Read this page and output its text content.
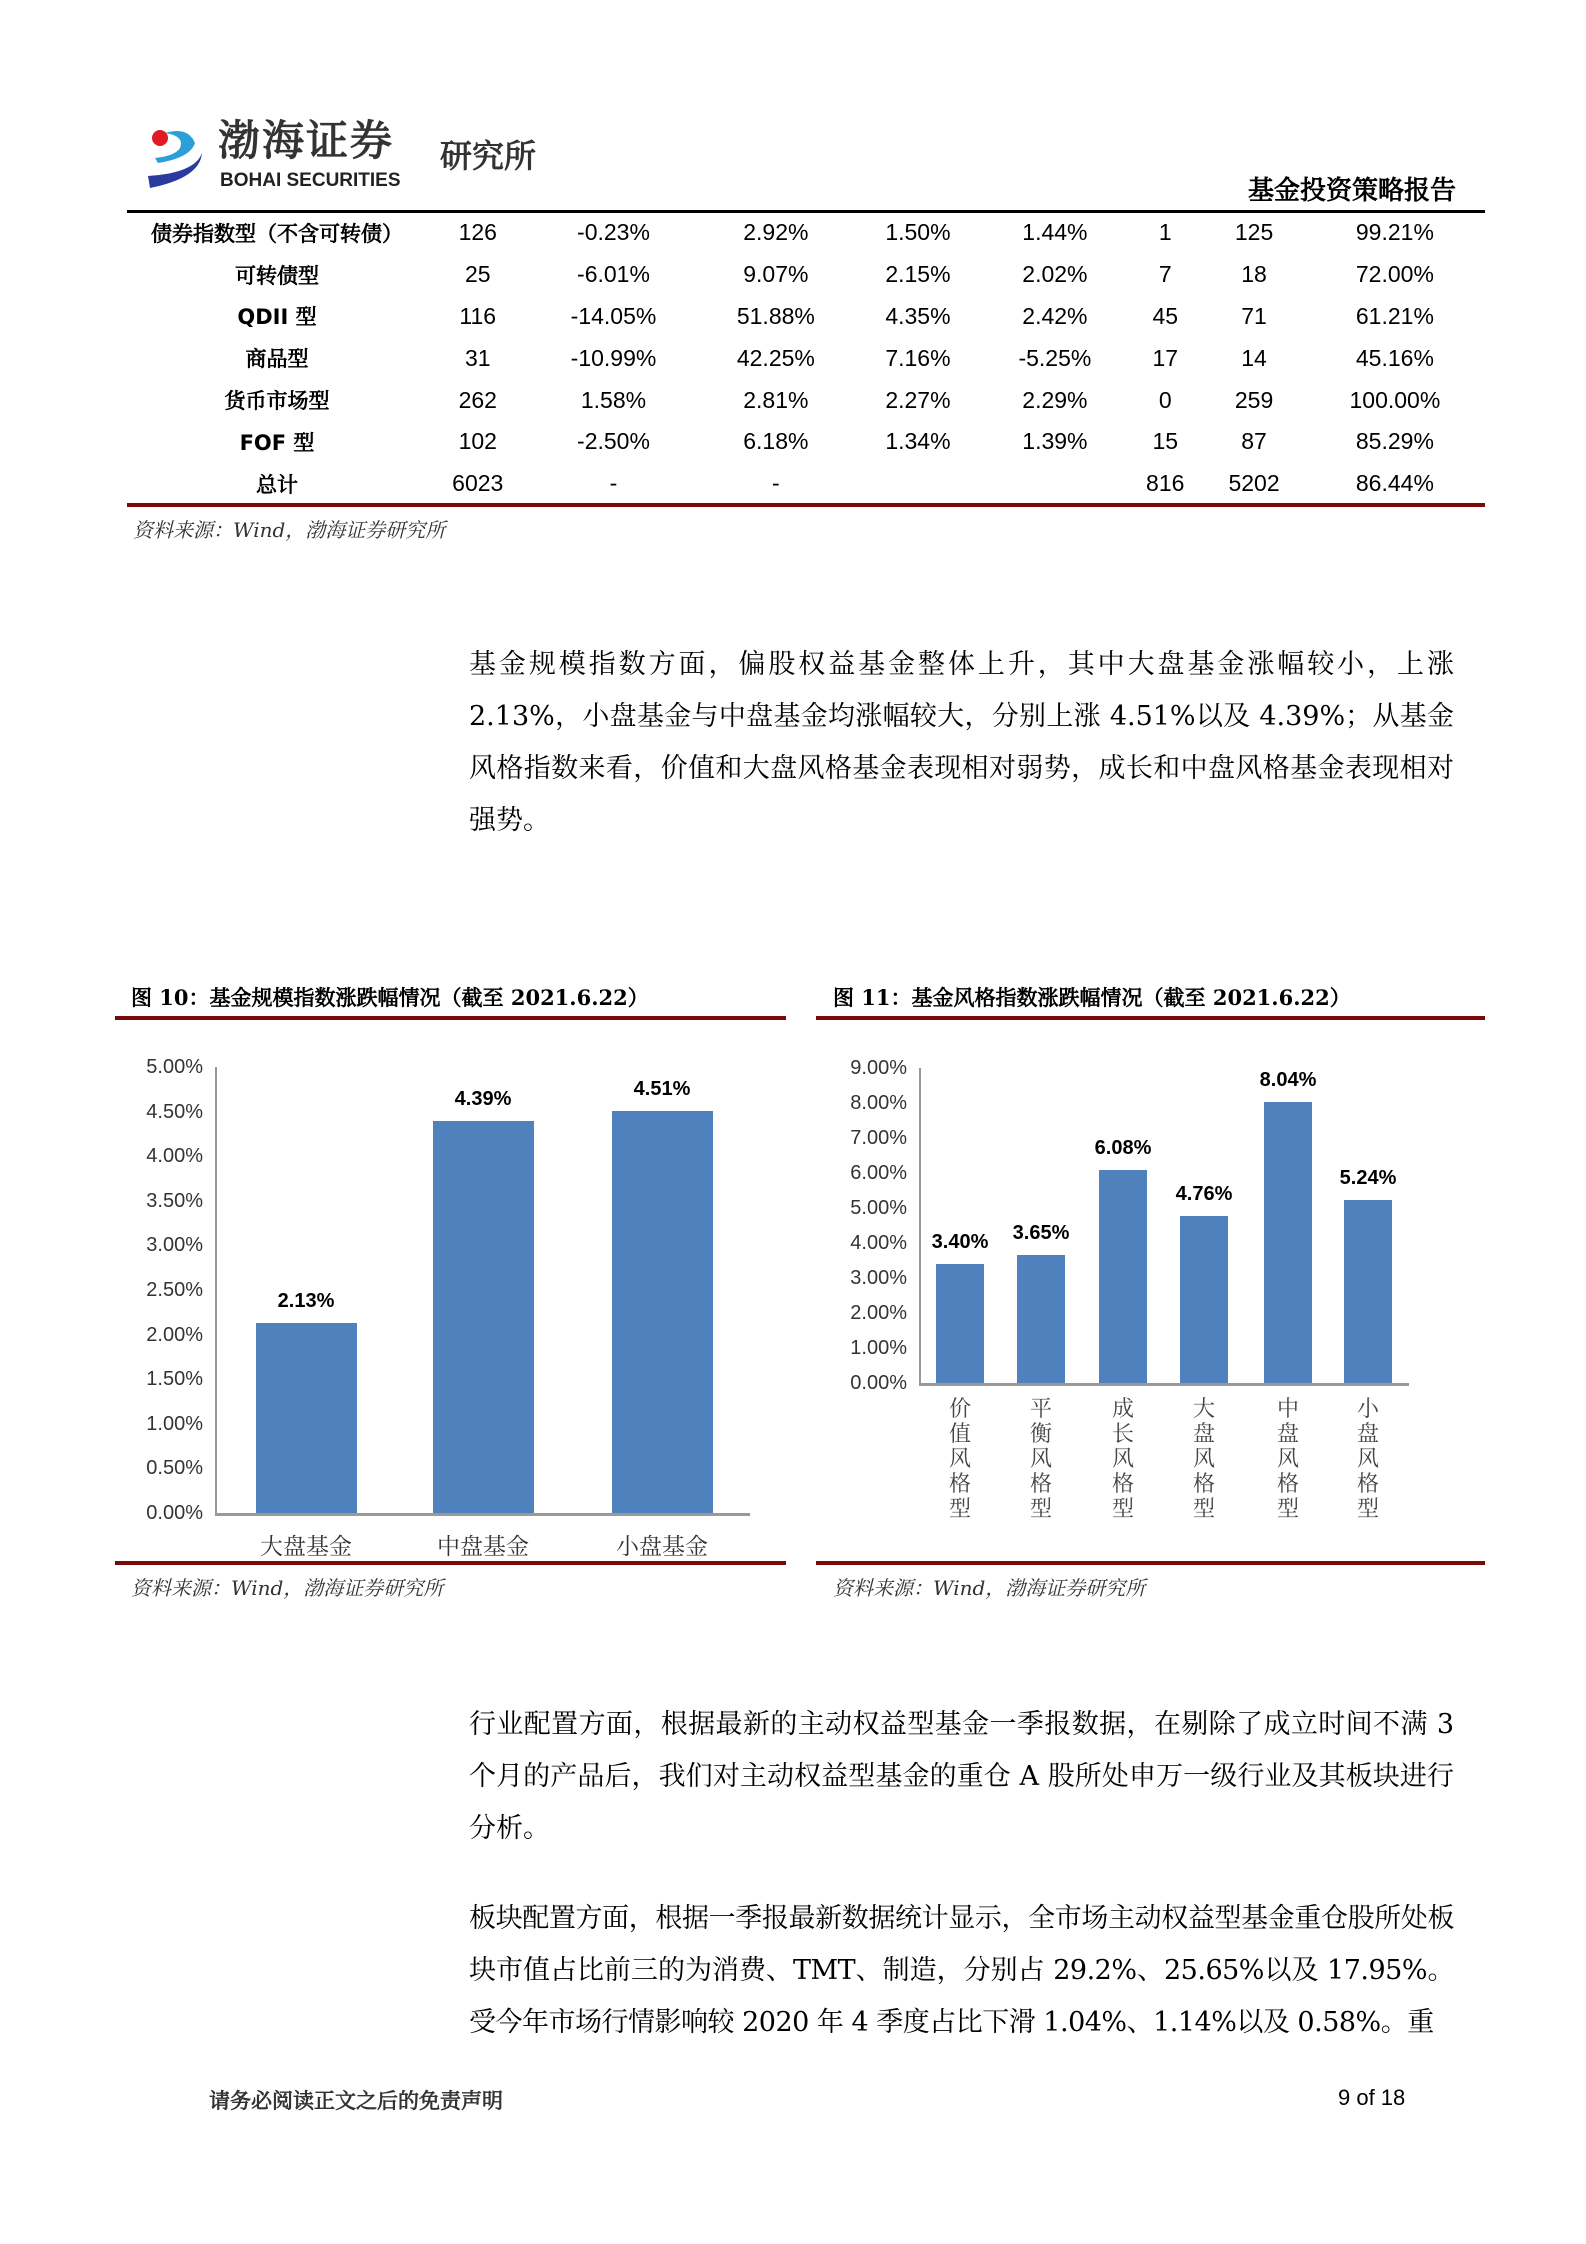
渤海证券
BOHAI SECURITIES
研究所
基金投资策略报告
债券指数型（不含可转债）	126	-0.23%	2.92%	1.50%	1.44%	1	125	99.21%
可转债型	25	-6.01%	9.07%	2.15%	2.02%	7	18	72.00%
QDII 型	116	-14.05%	51.88%	4.35%	2.42%	45	71	61.21%
商品型	31	-10.99%	42.25%	7.16%	-5.25%	17	14	45.16%
货币市场型	262	1.58%	2.81%	2.27%	2.29%	0	259	100.00%
FOF 型	102	-2.50%	6.18%	1.34%	1.39%	15	87	85.29%
总计	6023	-	-			816	5202	86.44%
资料来源：Wind，渤海证券研究所
基金规模指数方面，偏股权益基金整体上升，其中大盘基金涨幅较小，上涨 2.13%，小盘基金与中盘基金均涨幅较大，分别上涨 4.51%以及 4.39%；从基金风格指数来看，价值和大盘风格基金表现相对弱势，成长和中盘风格基金表现相对强势。
图 10：基金规模指数涨跌幅情况（截至 2021.6.22）
0.00%
0.50%
1.00%
1.50%
2.00%
2.50%
3.00%
3.50%
4.00%
4.50%
5.00%
2.13%
大盘基金
4.39%
中盘基金
4.51%
小盘基金
资料来源：Wind，渤海证券研究所
图 11：基金风格指数涨跌幅情况（截至 2021.6.22）
0.00%
1.00%
2.00%
3.00%
4.00%
5.00%
6.00%
7.00%
8.00%
9.00%
3.40%
价值风格型
3.65%
平衡风格型
6.08%
成长风格型
4.76%
大盘风格型
8.04%
中盘风格型
5.24%
小盘风格型
资料来源：Wind，渤海证券研究所
行业配置方面，根据最新的主动权益型基金一季报数据，在剔除了成立时间不满 3 个月的产品后，我们对主动权益型基金的重仓 A 股所处申万一级行业及其板块进行分析。
板块配置方面，根据一季报最新数据统计显示，全市场主动权益型基金重仓股所处板块市值占比前三的为消费、TMT、制造，分别占 29.2%、25.65%以及 17.95%。受今年市场行情影响较 2020 年 4 季度占比下滑 1.04%、1.14%以及 0.58%。重
请务必阅读正文之后的免责声明	9 of 18
